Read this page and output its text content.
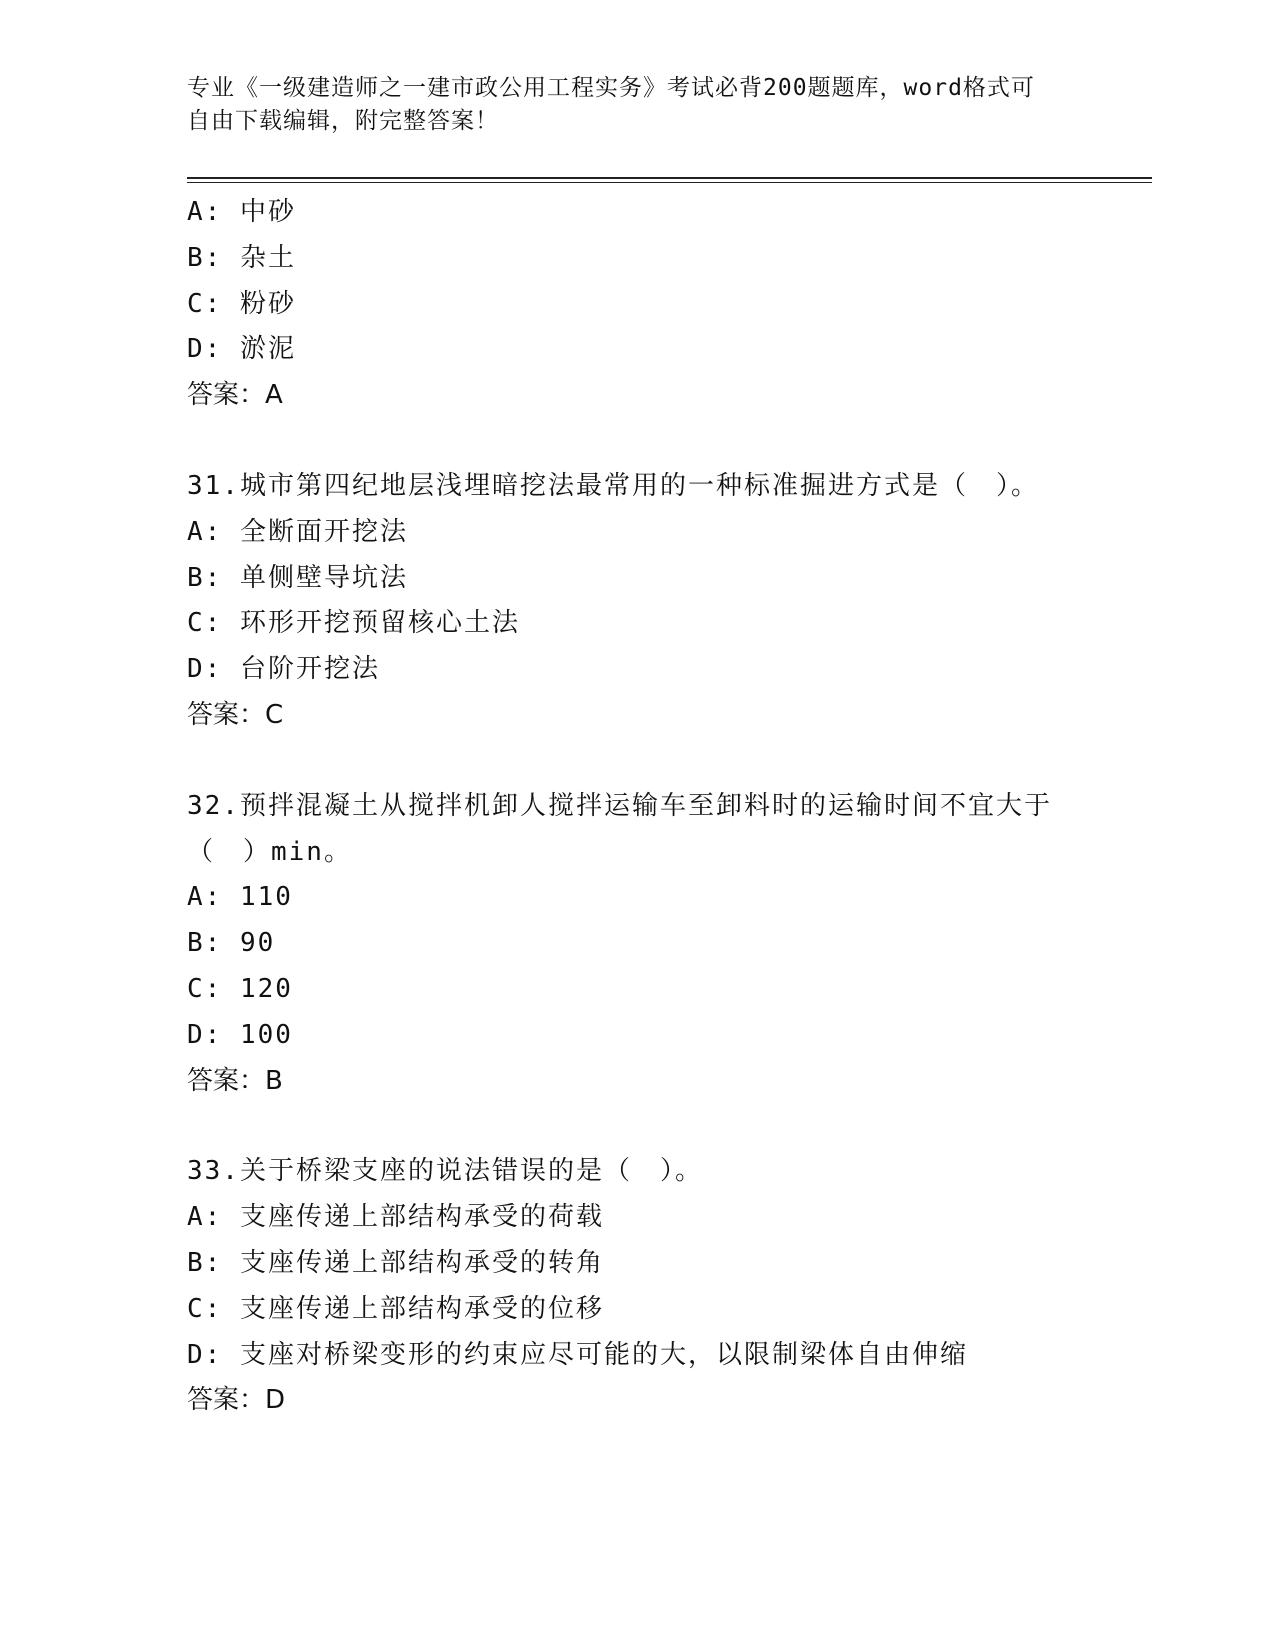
专业《一级建造师之一建市政公用工程实务》考试必背200题题库，word格式可
自由下载编辑，附完整答案！
A: 中砂
B: 杂土
C: 粉砂
D: 淤泥
答案：A
31.城市第四纪地层浅埋暗挖法最常用的一种标准掘进方式是（　）。
A: 全断面开挖法
B: 单侧壁导坑法
C: 环形开挖预留核心土法
D: 台阶开挖法
答案：C
32.预拌混凝土从搅拌机卸人搅拌运输车至卸料时的运输时间不宜大于
（　）min。
A: 110
B: 90
C: 120
D: 100
答案：B
33.关于桥梁支座的说法错误的是（　）。
A: 支座传递上部结构承受的荷载
B: 支座传递上部结构承受的转角
C: 支座传递上部结构承受的位移
D: 支座对桥梁变形的约束应尽可能的大，以限制梁体自由伸缩
答案：D
